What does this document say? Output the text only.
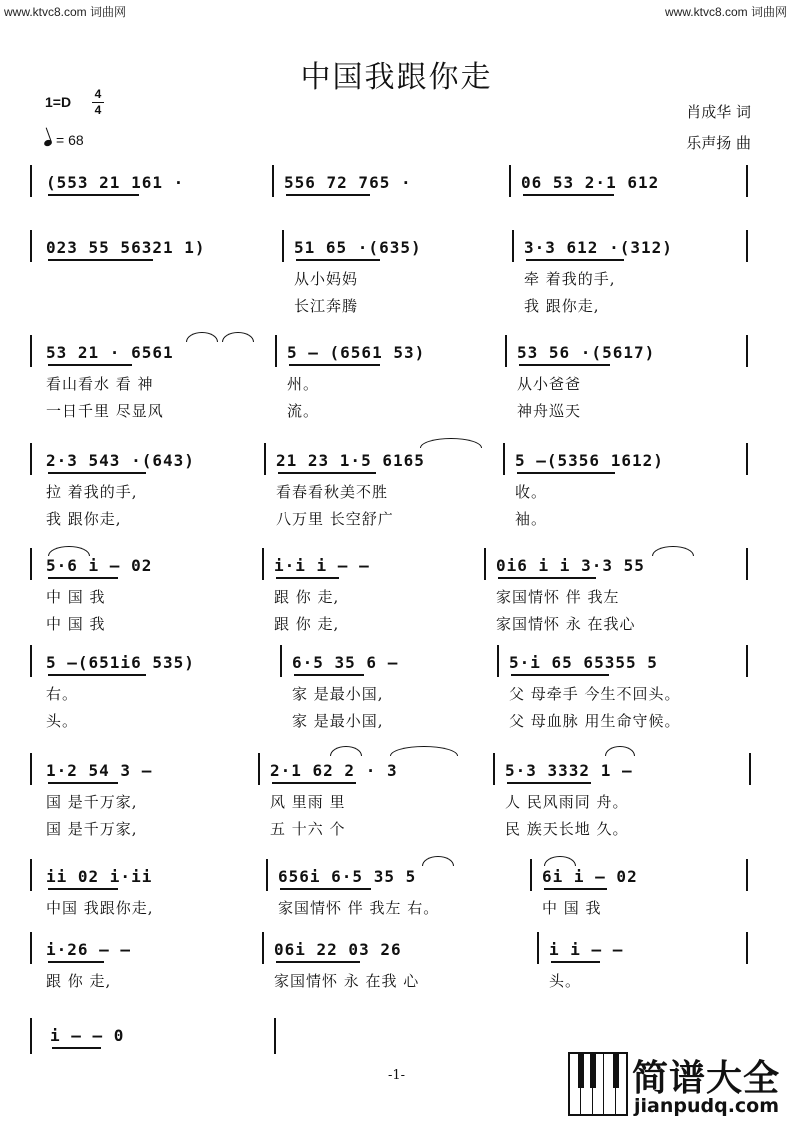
www.ktvc8.com 词曲网	www.ktvc8.com 词曲网
中国我跟你走
1=D 4
4
= 68
肖成华 词
乐声扬 曲
(553 21 161 ·	556 72 765 ·	06 53 2·1 612
023 55 56321 1)	51 65 ·(635)	3·3 612 ·(312)
从小妈妈	牵 着我的手,
长江奔腾	我 跟你走,
53 21 · 6561	5 – (6561 53)	53 56 ·(5617)
看山看水 看 神	州。	从小爸爸
一日千里 尽显风	流。	神舟巡天
2·3 543 ·(643)	21 23 1·5 6165	5 –(5356 1612)
拉 着我的手,	看春看秋美不胜	收。
我 跟你走,	八万里 长空舒广	袖。
5·6 i – 02	i·i i – –	0i6 i i 3·3 55
中 国 我	跟 你 走,	家国情怀 伴 我左
中 国 我	跟 你 走,	家国情怀 永 在我心
5 –(651i6 535)	6·5 35 6 –	5·i 65 65355 5
右。	家 是最小国,	父 母牵手 今生不回头。
头。	家 是最小国,	父 母血脉 用生命守候。
1·2 54 3 –	2·1 62 2 · 3	5·3 3332 1 –
国 是千万家,	风 里雨 里	人 民风雨同 舟。
国 是千万家,	五 十六 个	民 族天长地 久。
ii 02 i·ii	656i 6·5 35 5	6i i – 02
中国 我跟你走,	家国情怀 伴 我左 右。	中 国 我
i·26 – –	06i 22 03 26	i i – –
跟 你 走,	家国情怀 永 在我 心	头。
i – – 0
-1-	简谱大全
jianpudq.com
